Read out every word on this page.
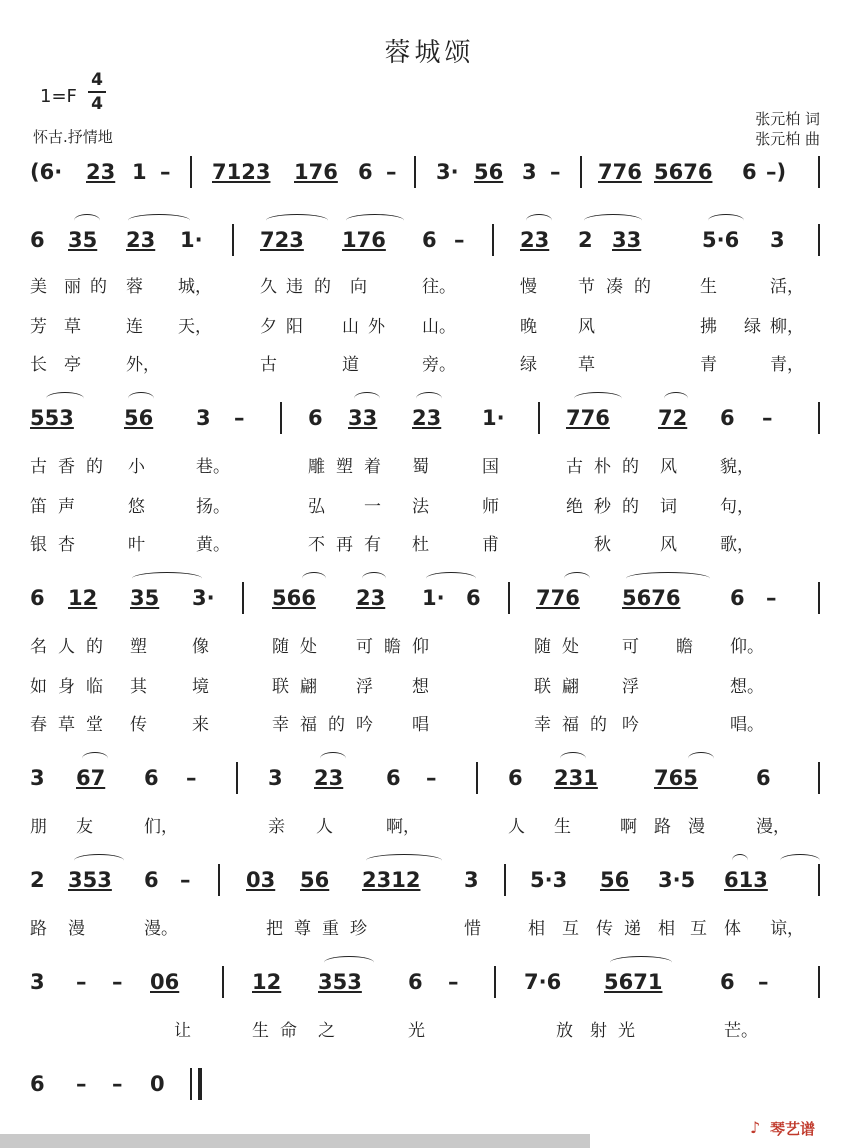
蓉城颂
1=F
4
4
怀古.抒情地
张元柏 词
张元柏 曲
(6· 23 1 – 7123 176 6 – 3· 56 3 – 776 5676 6 –)
6 35 23 1·	723 176 6 –	23 2 33	5·6 3

美 丽 的 蓉 城，	久 违 的 向	往。	慢 节 凑 的	生	活，

芳 草	连 天，	夕 阳 山 外 山。	晚 风	拂 绿 柳，

长 亭	外，	古	道	旁。	绿 草	青	青，

553 56 3 –	6 33 23 1·	776 72 6 –

古 香 的 小	巷。	雕 塑 着 蜀	国	古 朴 的 风	貌，

笛 声	悠	扬。	弘 一 法	师	绝 秒 的 词	句，

银 杏	叶	黄。	不 再 有 杜	甫	秋	风	歌，

6 12 35 3·	566 23 1· 6	776 5676 6 –

名 人 的 塑	像	随 处 可 瞻 仰	随 处	可 瞻 仰。

如 身 临 其	境	联 翩 浮 想	联 翩	浮	想。

春 草 堂 传	来	幸 福 的 吟 唱	幸 福 的 吟	唱。

3 67 6 –	3 23 6 –	6 231	765	6

朋 友	们，	亲 人	啊，	人 生	啊 路 漫	漫，

2 353 6 –	03 56 2312 3 5·3 56 3·5 613

路 漫	漫。	把 尊 重 珍	惜	相 互 传 递 相 互 体 谅，

3 – – 06	12 353 6 –	7·6 5671	6 –

让	生 命 之	光	放 射 光	芒。

6 – – 0
♪ 琴艺谱
